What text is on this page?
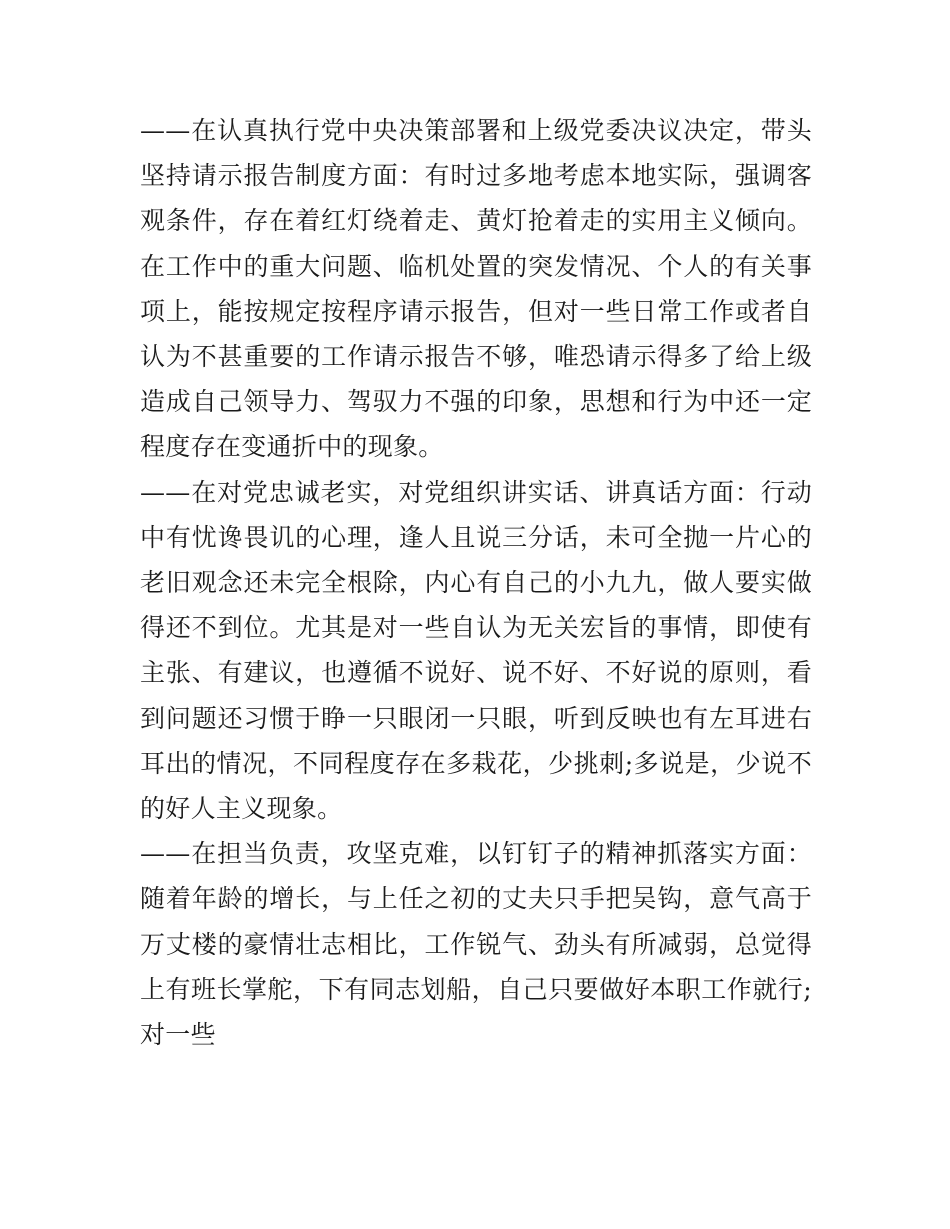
——在认真执行党中央决策部署和上级党委决议决定，带头坚持请示报告制度方面：有时过多地考虑本地实际，强调客观条件，存在着红灯绕着走、黄灯抢着走的实用主义倾向。在工作中的重大问题、临机处置的突发情况、个人的有关事项上，能按规定按程序请示报告，但对一些日常工作或者自认为不甚重要的工作请示报告不够，唯恐请示得多了给上级造成自己领导力、驾驭力不强的印象，思想和行为中还一定程度存在变通折中的现象。

——在对党忠诚老实，对党组织讲实话、讲真话方面：行动中有忧谗畏讥的心理，逢人且说三分话，未可全抛一片心的老旧观念还未完全根除，内心有自己的小九九，做人要实做得还不到位。尤其是对一些自认为无关宏旨的事情，即使有主张、有建议，也遵循不说好、说不好、不好说的原则，看到问题还习惯于睁一只眼闭一只眼，听到反映也有左耳进右耳出的情况，不同程度存在多栽花，少挑刺;多说是，少说不的好人主义现象。

——在担当负责，攻坚克难，以钉钉子的精神抓落实方面：随着年龄的增长，与上任之初的丈夫只手把吴钩，意气高于万丈楼的豪情壮志相比，工作锐气、劲头有所减弱，总觉得上有班长掌舵，下有同志划船，自己只要做好本职工作就行;对一些
